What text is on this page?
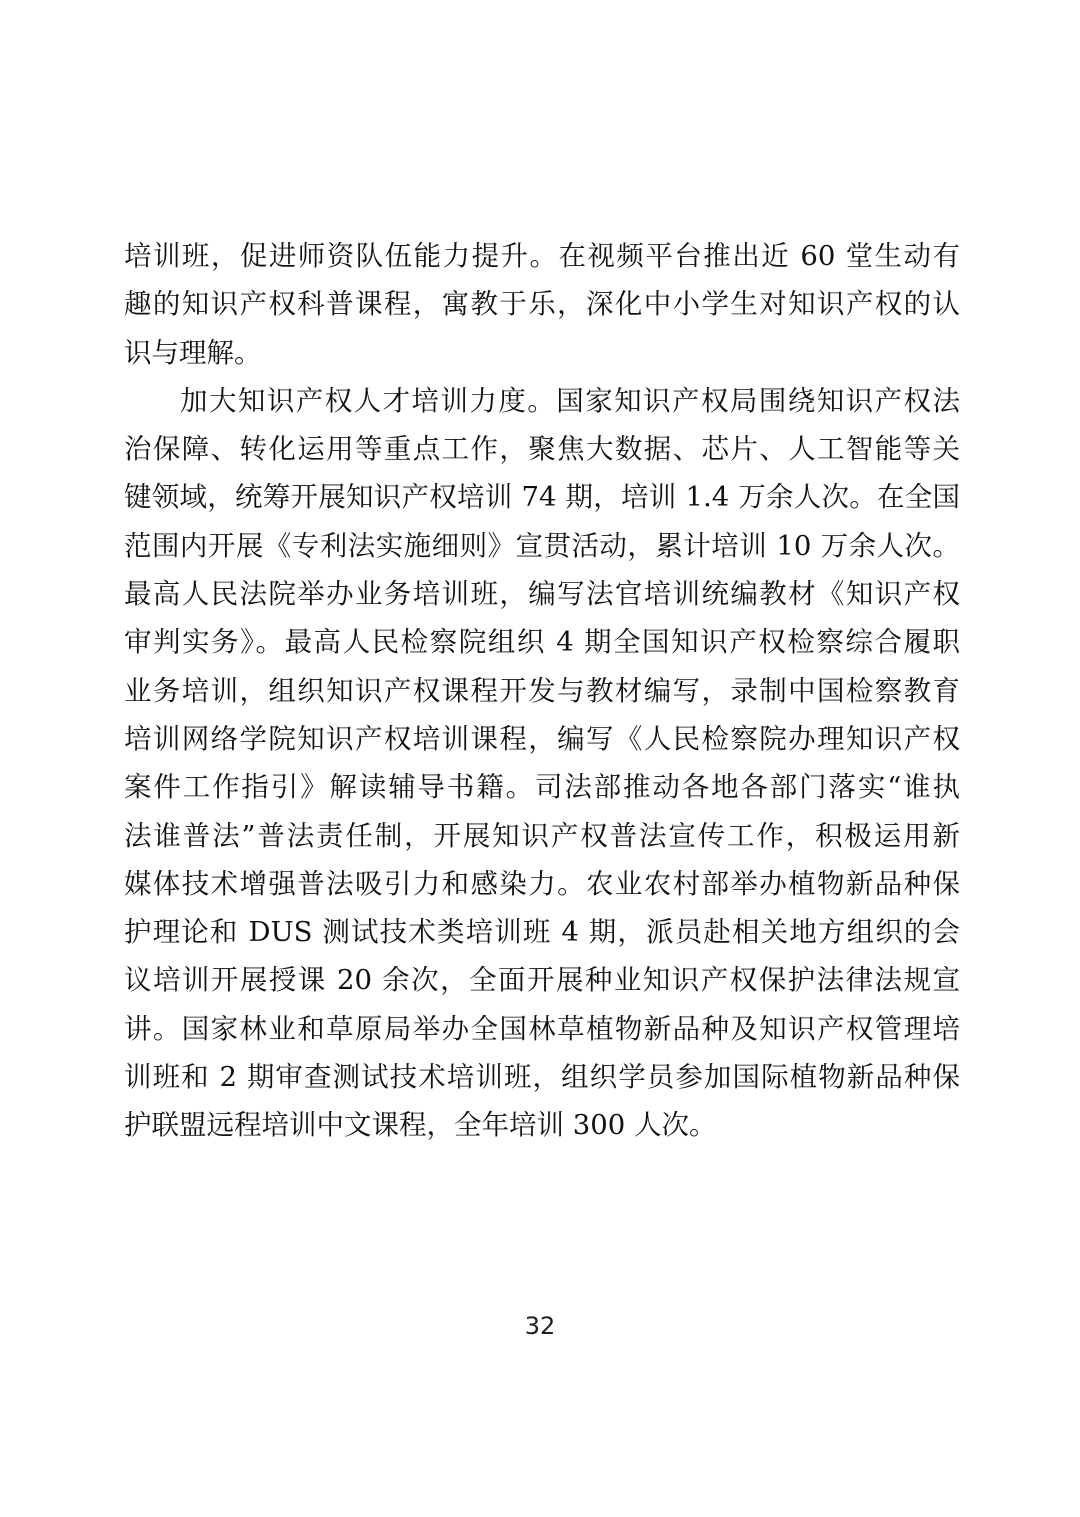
培训班，促进师资队伍能力提升。在视频平台推出近 60 堂生动有
趣的知识产权科普课程，寓教于乐，深化中小学生对知识产权的认
识与理解。
加大知识产权人才培训力度。国家知识产权局围绕知识产权法
治保障、转化运用等重点工作，聚焦大数据、芯片、人工智能等关
键领域，统筹开展知识产权培训 74 期，培训 1.4 万余人次。在全国
范围内开展《专利法实施细则》宣贯活动，累计培训 10 万余人次。
最高人民法院举办业务培训班，编写法官培训统编教材《知识产权
审判实务》。最高人民检察院组织 4 期全国知识产权检察综合履职
业务培训，组织知识产权课程开发与教材编写，录制中国检察教育
培训网络学院知识产权培训课程，编写《人民检察院办理知识产权
案件工作指引》解读辅导书籍。司法部推动各地各部门落实“谁执
法谁普法”普法责任制，开展知识产权普法宣传工作，积极运用新
媒体技术增强普法吸引力和感染力。农业农村部举办植物新品种保
护理论和 DUS 测试技术类培训班 4 期，派员赴相关地方组织的会
议培训开展授课 20 余次，全面开展种业知识产权保护法律法规宣
讲。国家林业和草原局举办全国林草植物新品种及知识产权管理培
训班和 2 期审查测试技术培训班，组织学员参加国际植物新品种保
护联盟远程培训中文课程，全年培训 300 人次。
32
